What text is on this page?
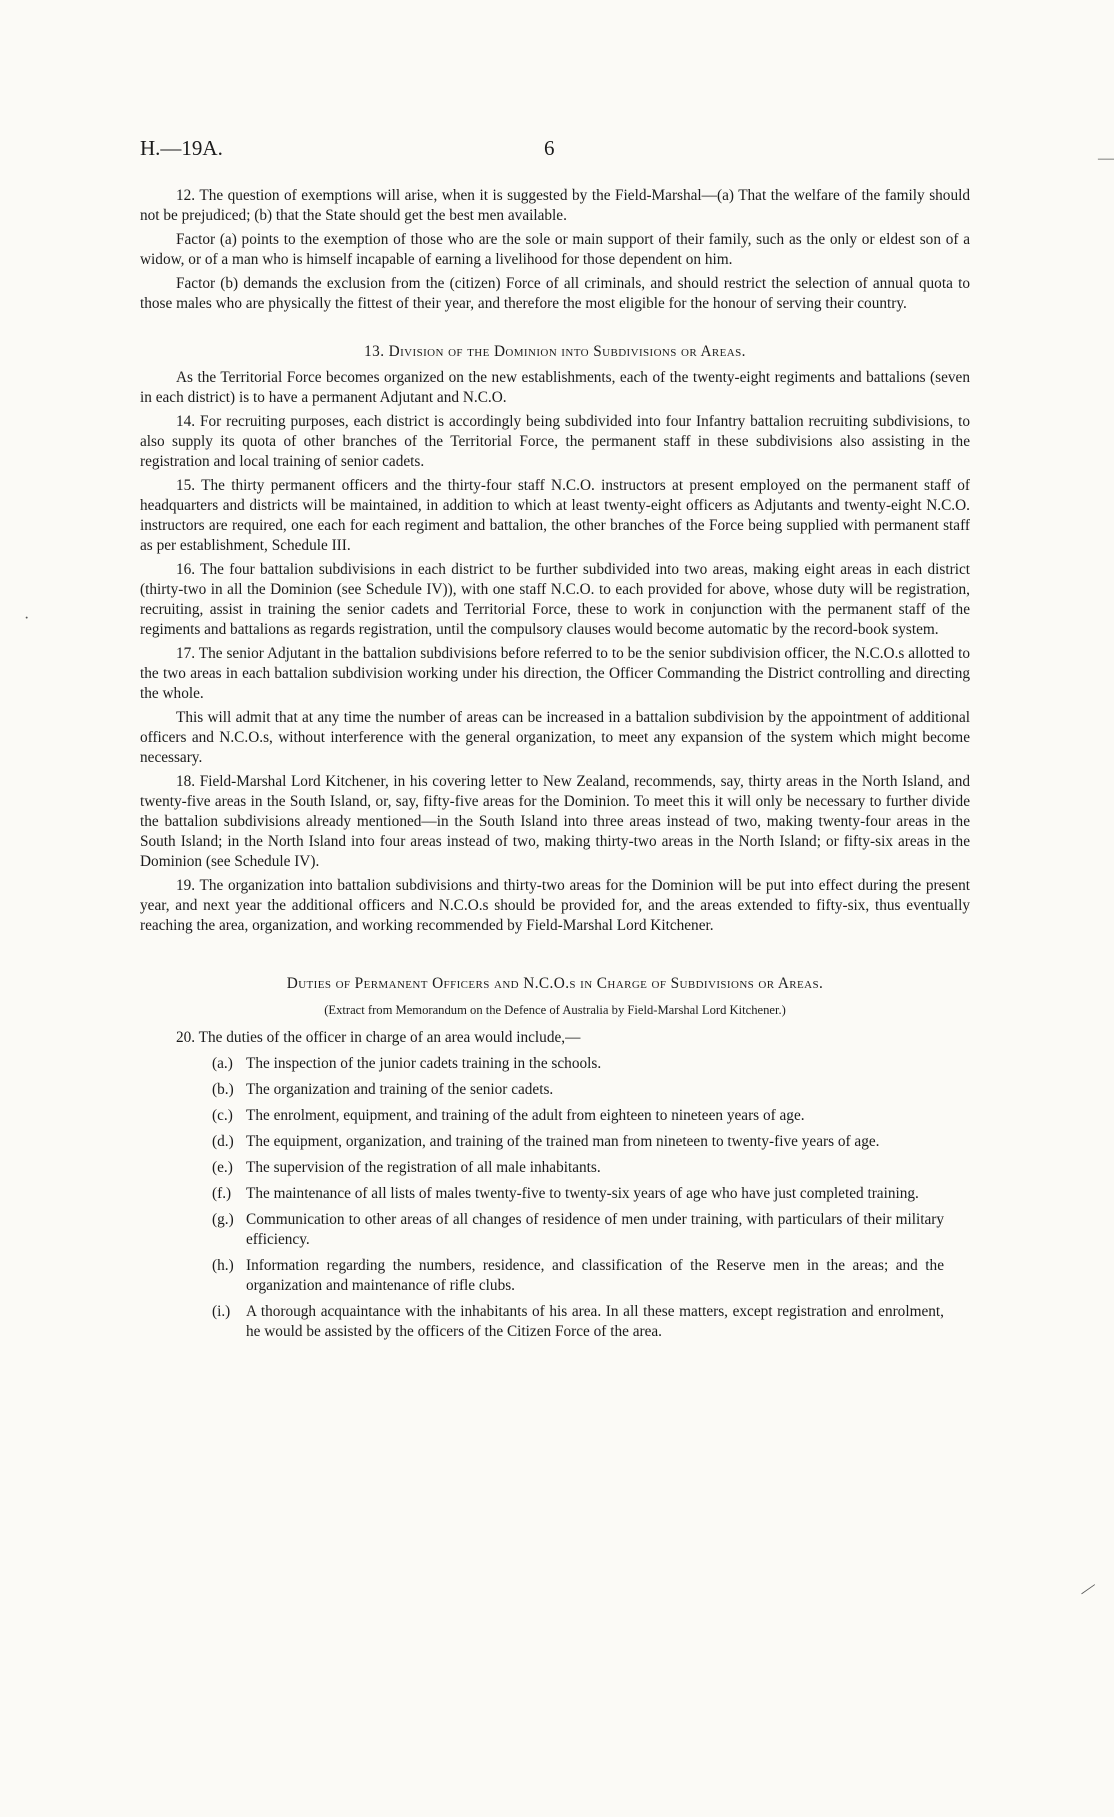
H.—19A.	6

12. The question of exemptions will arise, when it is suggested by the Field-Marshal—(a) That the welfare of the family should not be prejudiced; (b) that the State should get the best men available.

Factor (a) points to the exemption of those who are the sole or main support of their family, such as the only or eldest son of a widow, or of a man who is himself incapable of earning a livelihood for those dependent on him.

Factor (b) demands the exclusion from the (citizen) Force of all criminals, and should restrict the selection of annual quota to those males who are physically the fittest of their year, and therefore the most eligible for the honour of serving their country.

13. Division of the Dominion into Subdivisions or Areas.

As the Territorial Force becomes organized on the new establishments, each of the twenty-eight regiments and battalions (seven in each district) is to have a permanent Adjutant and N.C.O.

14. For recruiting purposes, each district is accordingly being subdivided into four Infantry battalion recruiting subdivisions, to also supply its quota of other branches of the Territorial Force, the permanent staff in these subdivisions also assisting in the registration and local training of senior cadets.

15. The thirty permanent officers and the thirty-four staff N.C.O. instructors at present employed on the permanent staff of headquarters and districts will be maintained, in addition to which at least twenty-eight officers as Adjutants and twenty-eight N.C.O. instructors are required, one each for each regiment and battalion, the other branches of the Force being supplied with permanent staff as per establishment, Schedule III.

16. The four battalion subdivisions in each district to be further subdivided into two areas, making eight areas in each district (thirty-two in all the Dominion (see Schedule IV)), with one staff N.C.O. to each provided for above, whose duty will be registration, recruiting, assist in training the senior cadets and Territorial Force, these to work in conjunction with the permanent staff of the regiments and battalions as regards registration, until the compulsory clauses would become automatic by the record-book system.

17. The senior Adjutant in the battalion subdivisions before referred to to be the senior subdivision officer, the N.C.O.s allotted to the two areas in each battalion subdivision working under his direction, the Officer Commanding the District controlling and directing the whole.

This will admit that at any time the number of areas can be increased in a battalion subdivision by the appointment of additional officers and N.C.O.s, without interference with the general organization, to meet any expansion of the system which might become necessary.

18. Field-Marshal Lord Kitchener, in his covering letter to New Zealand, recommends, say, thirty areas in the North Island, and twenty-five areas in the South Island, or, say, fifty-five areas for the Dominion. To meet this it will only be necessary to further divide the battalion subdivisions already mentioned—in the South Island into three areas instead of two, making twenty-four areas in the South Island; in the North Island into four areas instead of two, making thirty-two areas in the North Island; or fifty-six areas in the Dominion (see Schedule IV).

19. The organization into battalion subdivisions and thirty-two areas for the Dominion will be put into effect during the present year, and next year the additional officers and N.C.O.s should be provided for, and the areas extended to fifty-six, thus eventually reaching the area, organization, and working recommended by Field-Marshal Lord Kitchener.

Duties of Permanent Officers and N.C.O.s in Charge of Subdivisions or Areas.

(Extract from Memorandum on the Defence of Australia by Field-Marshal Lord Kitchener.)

20. The duties of the officer in charge of an area would include,—

(a.) The inspection of the junior cadets training in the schools.
(b.) The organization and training of the senior cadets.
(c.) The enrolment, equipment, and training of the adult from eighteen to nineteen years of age.
(d.) The equipment, organization, and training of the trained man from nineteen to twenty-five years of age.
(e.) The supervision of the registration of all male inhabitants.
(f.) The maintenance of all lists of males twenty-five to twenty-six years of age who have just completed training.
(g.) Communication to other areas of all changes of residence of men under training, with particulars of their military efficiency.
(h.) Information regarding the numbers, residence, and classification of the Reserve men in the areas; and the organization and maintenance of rifle clubs.
(i.) A thorough acquaintance with the inhabitants of his area. In all these matters, except registration and enrolment, he would be assisted by the officers of the Citizen Force of the area.
—
·
—
